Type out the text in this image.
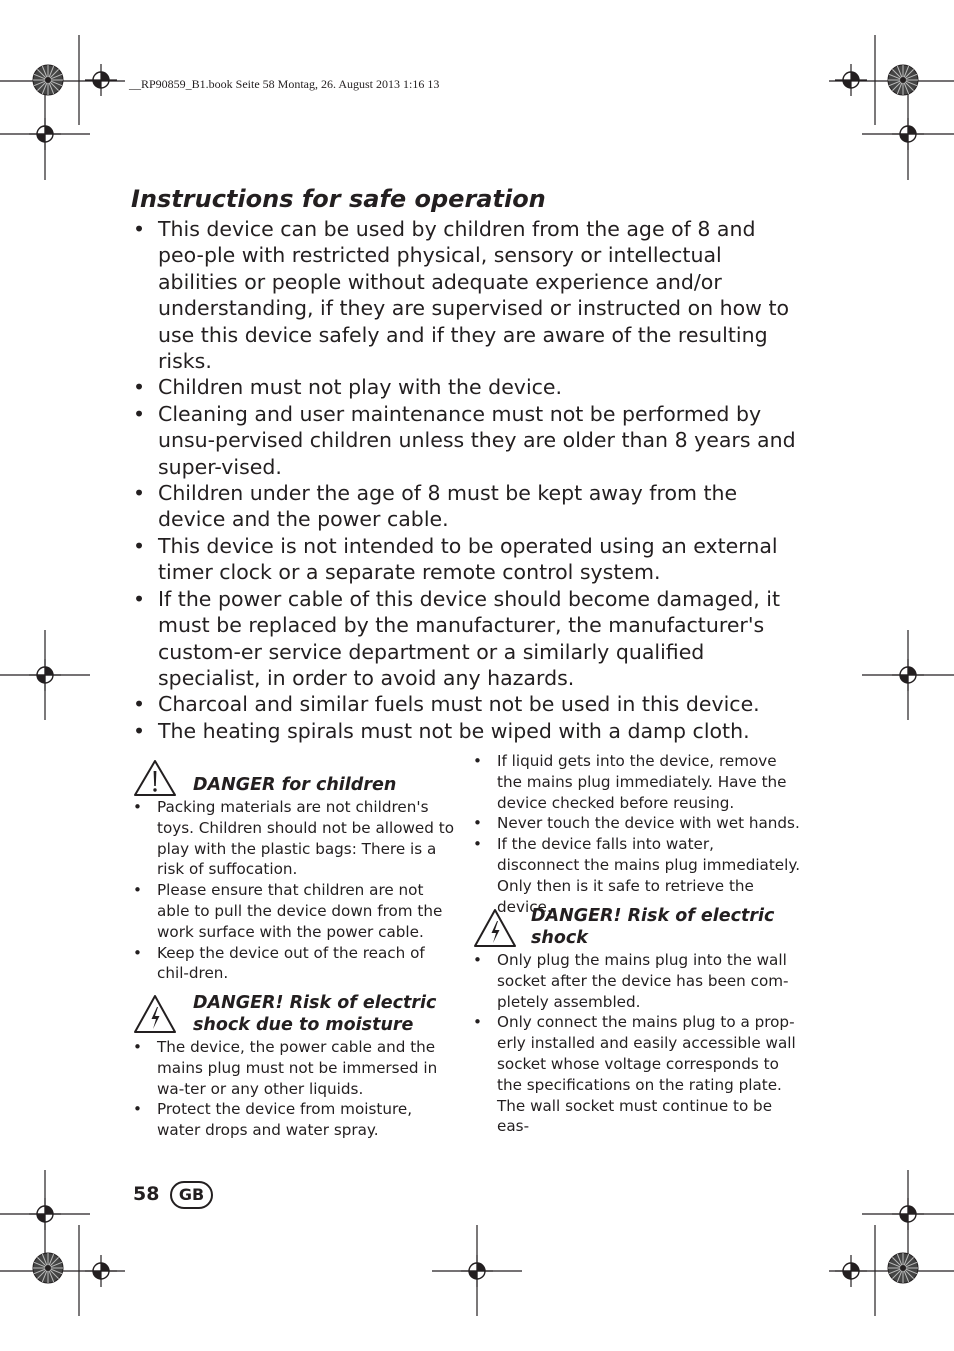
__RP90859_B1.book Seite 58 Montag, 26. August 2013 1:16 13
Instructions for safe operation
• This device can be used by children from the age of 8 and peo-ple with restricted physical, sensory or intellectual abilities or people without adequate experience and/or understanding, if they are supervised or instructed on how to use this device safely and if they are aware of the resulting risks.
• Children must not play with the device.
• Cleaning and user maintenance must not be performed by unsu-pervised children unless they are older than 8 years and super-vised.
• Children under the age of 8 must be kept away from the device and the power cable.
• This device is not intended to be operated using an external timer clock or a separate remote control system.
• If the power cable of this device should become damaged, it must be replaced by the manufacturer, the manufacturer's custom-er service department or a similarly qualified specialist, in order to avoid any hazards.
• Charcoal and similar fuels must not be used in this device.
• The heating spirals must not be wiped with a damp cloth.
DANGER for children
• Packing materials are not children's toys. Children should not be allowed to play with the plastic bags: There is a risk of suffocation.
• Please ensure that children are not able to pull the device down from the work surface with the power cable.
• Keep the device out of the reach of chil-dren.
DANGER! Risk of electric
shock due to moisture
• The device, the power cable and the mains plug must not be immersed in wa-ter or any other liquids.
• Protect the device from moisture, water drops and water spray.
• If liquid gets into the device, remove the mains plug immediately. Have the device checked before reusing.
• Never touch the device with wet hands.
• If the device falls into water, disconnect the mains plug immediately. Only then is it safe to retrieve the device.
DANGER! Risk of electric
shock
• Only plug the mains plug into the wall socket after the device has been com-pletely assembled.
• Only connect the mains plug to a prop-erly installed and easily accessible wall socket whose voltage corresponds to the specifications on the rating plate. The wall socket must continue to be eas-
58	GB
